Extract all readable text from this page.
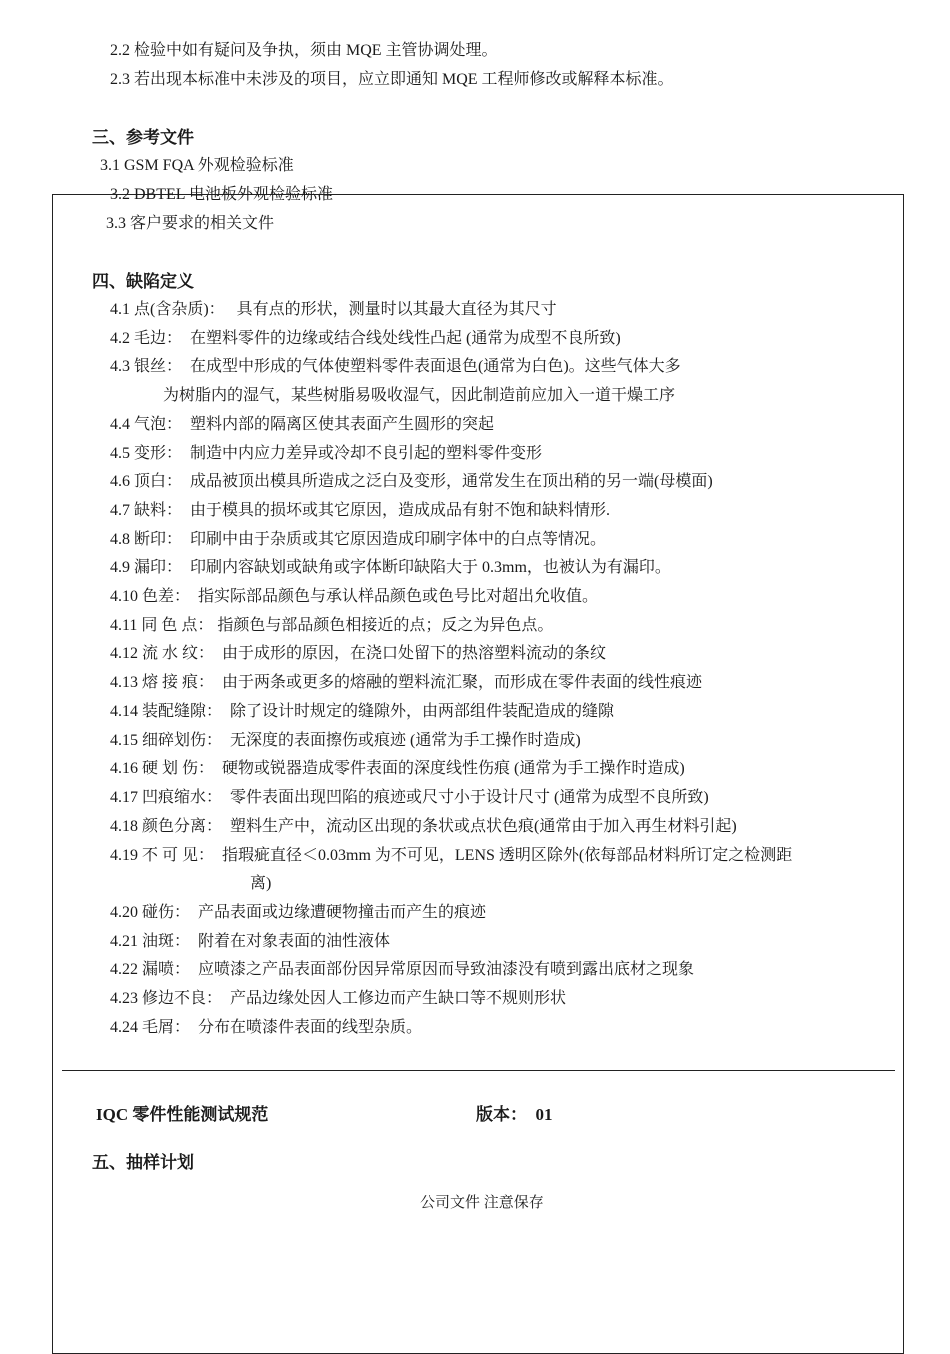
2.2 检验中如有疑问及争执，须由 MQE 主管协调处理。
2.3 若出现本标准中未涉及的项目，应立即通知 MQE 工程师修改或解释本标准。
三、参考文件
3.1 GSM FQA 外观检验标准
3.2 DBTEL 电池板外观检验标准
3.3 客户要求的相关文件
四、缺陷定义
4.1 点(含杂质)： 具有点的形状，测量时以其最大直径为其尺寸
4.2 毛边： 在塑料零件的边缘或结合线处线性凸起 (通常为成型不良所致)
4.3 银丝： 在成型中形成的气体使塑料零件表面退色(通常为白色)。这些气体大多
为树脂内的湿气，某些树脂易吸收湿气，因此制造前应加入一道干燥工序
4.4 气泡： 塑料内部的隔离区使其表面产生圆形的突起
4.5 变形： 制造中内应力差异或冷却不良引起的塑料零件变形
4.6 顶白： 成品被顶出模具所造成之泛白及变形，通常发生在顶出稍的另一端(母模面)
4.7 缺料： 由于模具的损坏或其它原因，造成成品有射不饱和缺料情形.
4.8 断印： 印刷中由于杂质或其它原因造成印刷字体中的白点等情况。
4.9 漏印： 印刷内容缺划或缺角或字体断印缺陷大于 0.3mm，也被认为有漏印。
4.10 色差： 指实际部品颜色与承认样品颜色或色号比对超出允收值。
4.11 同 色 点： 指颜色与部品颜色相接近的点；反之为异色点。
4.12 流 水 纹： 由于成形的原因，在浇口处留下的热溶塑料流动的条纹
4.13 熔 接 痕： 由于两条或更多的熔融的塑料流汇聚，而形成在零件表面的线性痕迹
4.14 装配缝隙： 除了设计时规定的缝隙外，由两部组件装配造成的缝隙
4.15 细碎划伤： 无深度的表面擦伤或痕迹 (通常为手工操作时造成)
4.16 硬 划 伤： 硬物或锐器造成零件表面的深度线性伤痕 (通常为手工操作时造成)
4.17 凹痕缩水： 零件表面出现凹陷的痕迹或尺寸小于设计尺寸 (通常为成型不良所致)
4.18 颜色分离： 塑料生产中，流动区出现的条状或点状色痕(通常由于加入再生材料引起)
4.19 不 可 见： 指瑕疵直径＜0.03mm 为不可见，LENS 透明区除外(依每部品材料所订定之检测距
离)
4.20 碰伤： 产品表面或边缘遭硬物撞击而产生的痕迹
4.21 油斑： 附着在对象表面的油性液体
4.22 漏喷： 应喷漆之产品表面部份因异常原因而导致油漆没有喷到露出底材之现象
4.23 修边不良： 产品边缘处因人工修边而产生缺口等不规则形状
4.24 毛屑： 分布在喷漆件表面的线型杂质。
IQC 零件性能测试规范	版本： 01
五、抽样计划
公司文件 注意保存
